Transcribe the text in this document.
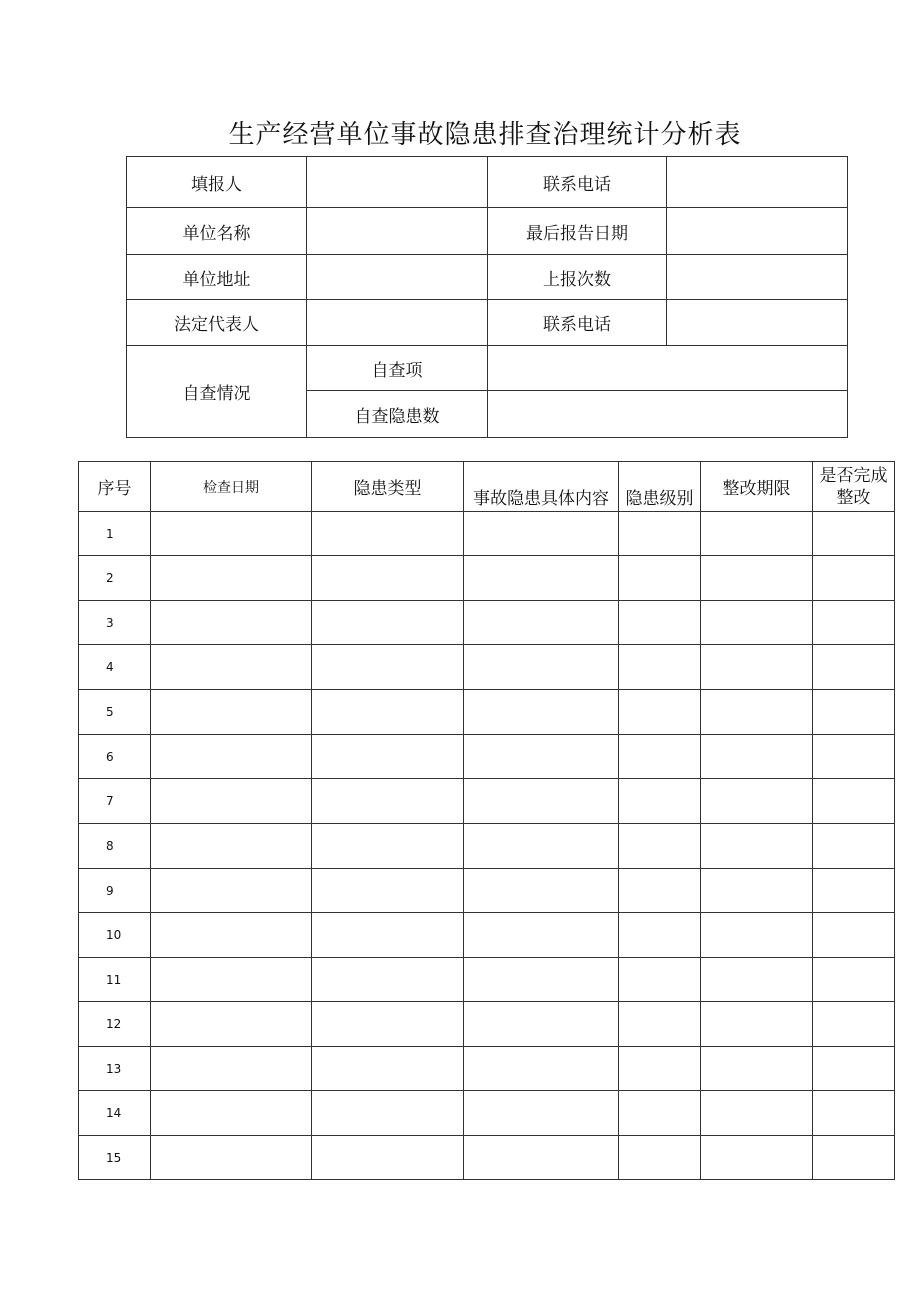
生产经营单位事故隐患排查治理统计分析表
填报人		联系电话	
单位名称		最后报告日期	
单位地址		上报次数	
法定代表人		联系电话	
自查情况	自查项		
	自查隐患数		
序号	检查日期	隐患类型	事故隐患具体内容	隐患级别	整改期限	是否完成
整改

1						
2						
3						
4						
5						
6						
7						
8						
9						
10						
11						
12						
13						
14						
15						
